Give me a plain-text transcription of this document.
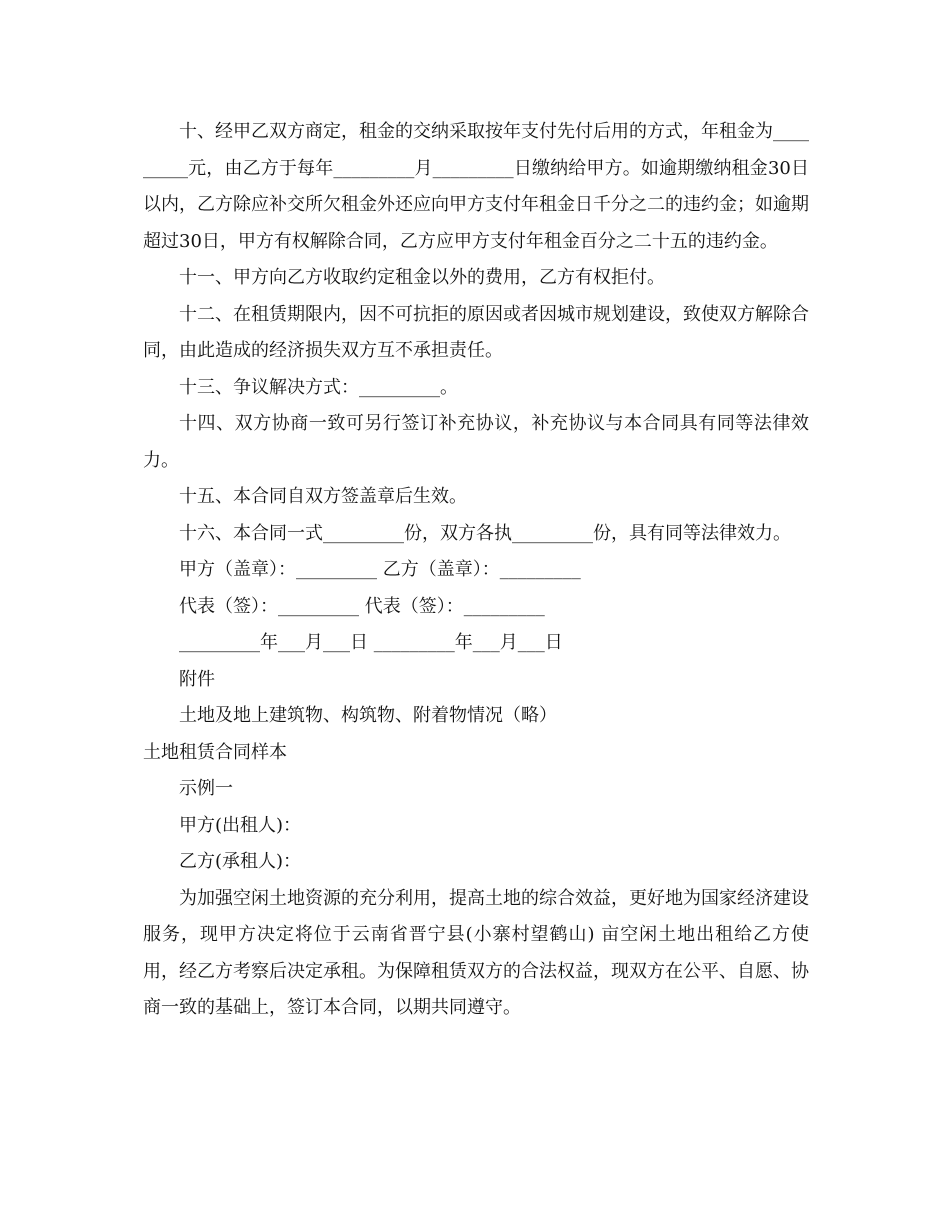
十、经甲乙双方商定，租金的交纳采取按年支付先付后用的方式，年租金为_________元，由乙方于每年_________月_________日缴纳给甲方。如逾期缴纳租金30日以内，乙方除应补交所欠租金外还应向甲方支付年租金日千分之二的违约金；如逾期超过30日，甲方有权解除合同，乙方应甲方支付年租金百分之二十五的违约金。

十一、甲方向乙方收取约定租金以外的费用，乙方有权拒付。

十二、在租赁期限内，因不可抗拒的原因或者因城市规划建设，致使双方解除合同，由此造成的经济损失双方互不承担责任。

十三、争议解决方式：_________。

十四、双方协商一致可另行签订补充协议，补充协议与本合同具有同等法律效力。

十五、本合同自双方签盖章后生效。

十六、本合同一式_________份，双方各执_________份，具有同等法律效力。

甲方（盖章）：_________ 乙方（盖章）：_________

代表（签）：_________ 代表（签）：_________

_________年___月___日 _________年___月___日

附件

土地及地上建筑物、构筑物、附着物情况（略）

土地租赁合同样本

示例一

甲方(出租人)：

乙方(承租人)：

为加强空闲土地资源的充分利用，提高土地的综合效益，更好地为国家经济建设服务，现甲方决定将位于云南省晋宁县(小寨村望鹤山) 亩空闲土地出租给乙方使用，经乙方考察后决定承租。为保障租赁双方的合法权益，现双方在公平、自愿、协商一致的基础上，签订本合同，以期共同遵守。
